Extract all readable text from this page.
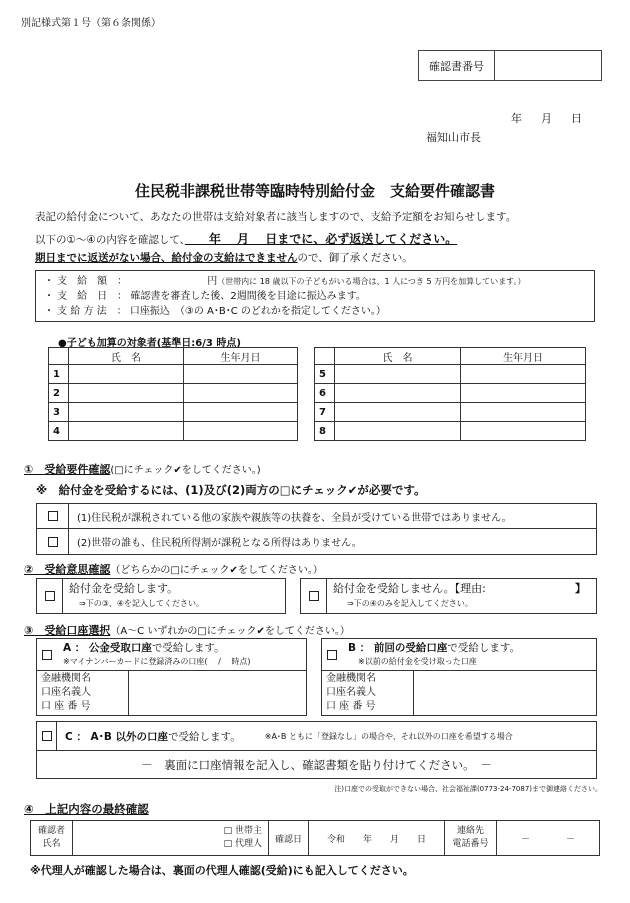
別記様式第１号（第６条関係）
確認書番号
年　月　日
福知山市長
住民税非課税世帯等臨時特別給付金　支給要件確認書
表記の給付金について、あなたの世帯は支給対象者に該当しますので、支給予定額をお知らせします。
以下の①～④の内容を確認して、　　年　 月　 日までに、必ず返送してください。
期日までに返送がない場合、給付金の支給はできませんので、御了承ください。
・ 支　給　額　：	円（世帯内に 18 歳以下の子どもがいる場合は、1 人につき 5 万円を加算しています。）
・ 支　給　日　： 確認書を審査した後、2週間後を目途に振込みます。
・ 支 給 方 法　： 口座振込　（③の A･B･C のどれかを指定してください。）
●子ども加算の対象者(基準日:6/3 時点)
	氏　名	生年月日
1		
2		
3		
4		
	氏　名	生年月日
5		
6		
7		
8		
①　受給要件確認(□にチェック✔をしてください。)
※　給付金を受給するには、(1)及び(2)両方の□にチェック✔が必要です。
(1)住民税が課税されている他の家族や親族等の扶養を、全員が受けている世帯ではありません。
(2)世帯の誰も、住民税所得割が課税となる所得はありません。
②　受給意思確認（どちらかの□にチェック✔をしてください。）
給付金を受給します。
⇒下の③、④を記入してください。
給付金を受給しません。【理由:	】
⇒下の④のみを記入してください。
③　受給口座選択（A～C いずれかの□にチェック✔をしてください。）
A ： 公金受取口座で受給します。
※マイナンバーカードに登録済みの口座(　 /　 時点)
金融機関名
口座名義人
口 座 番 号
B ： 前回の受給口座で受給します。
※以前の給付金を受け取った口座
金融機関名
口座名義人
口 座 番 号
C ： A･B 以外の口座で受給します。	※A･B ともに「登録なし」の場合や、それ以外の口座を希望する場合
－　裏面に口座情報を記入し、確認書類を貼り付けてください。　－
注)口座での受取ができない場合、社会福祉課(0773-24-7087)まで御連絡ください。
④　上記内容の最終確認
確認者
氏名
□ 世帯主
□ 代理人	確認日	令和　　年　　月　　日
連絡先
電話番号	－　　　　－
※代理人が確認した場合は、裏面の代理人確認(受給)にも記入してください。
